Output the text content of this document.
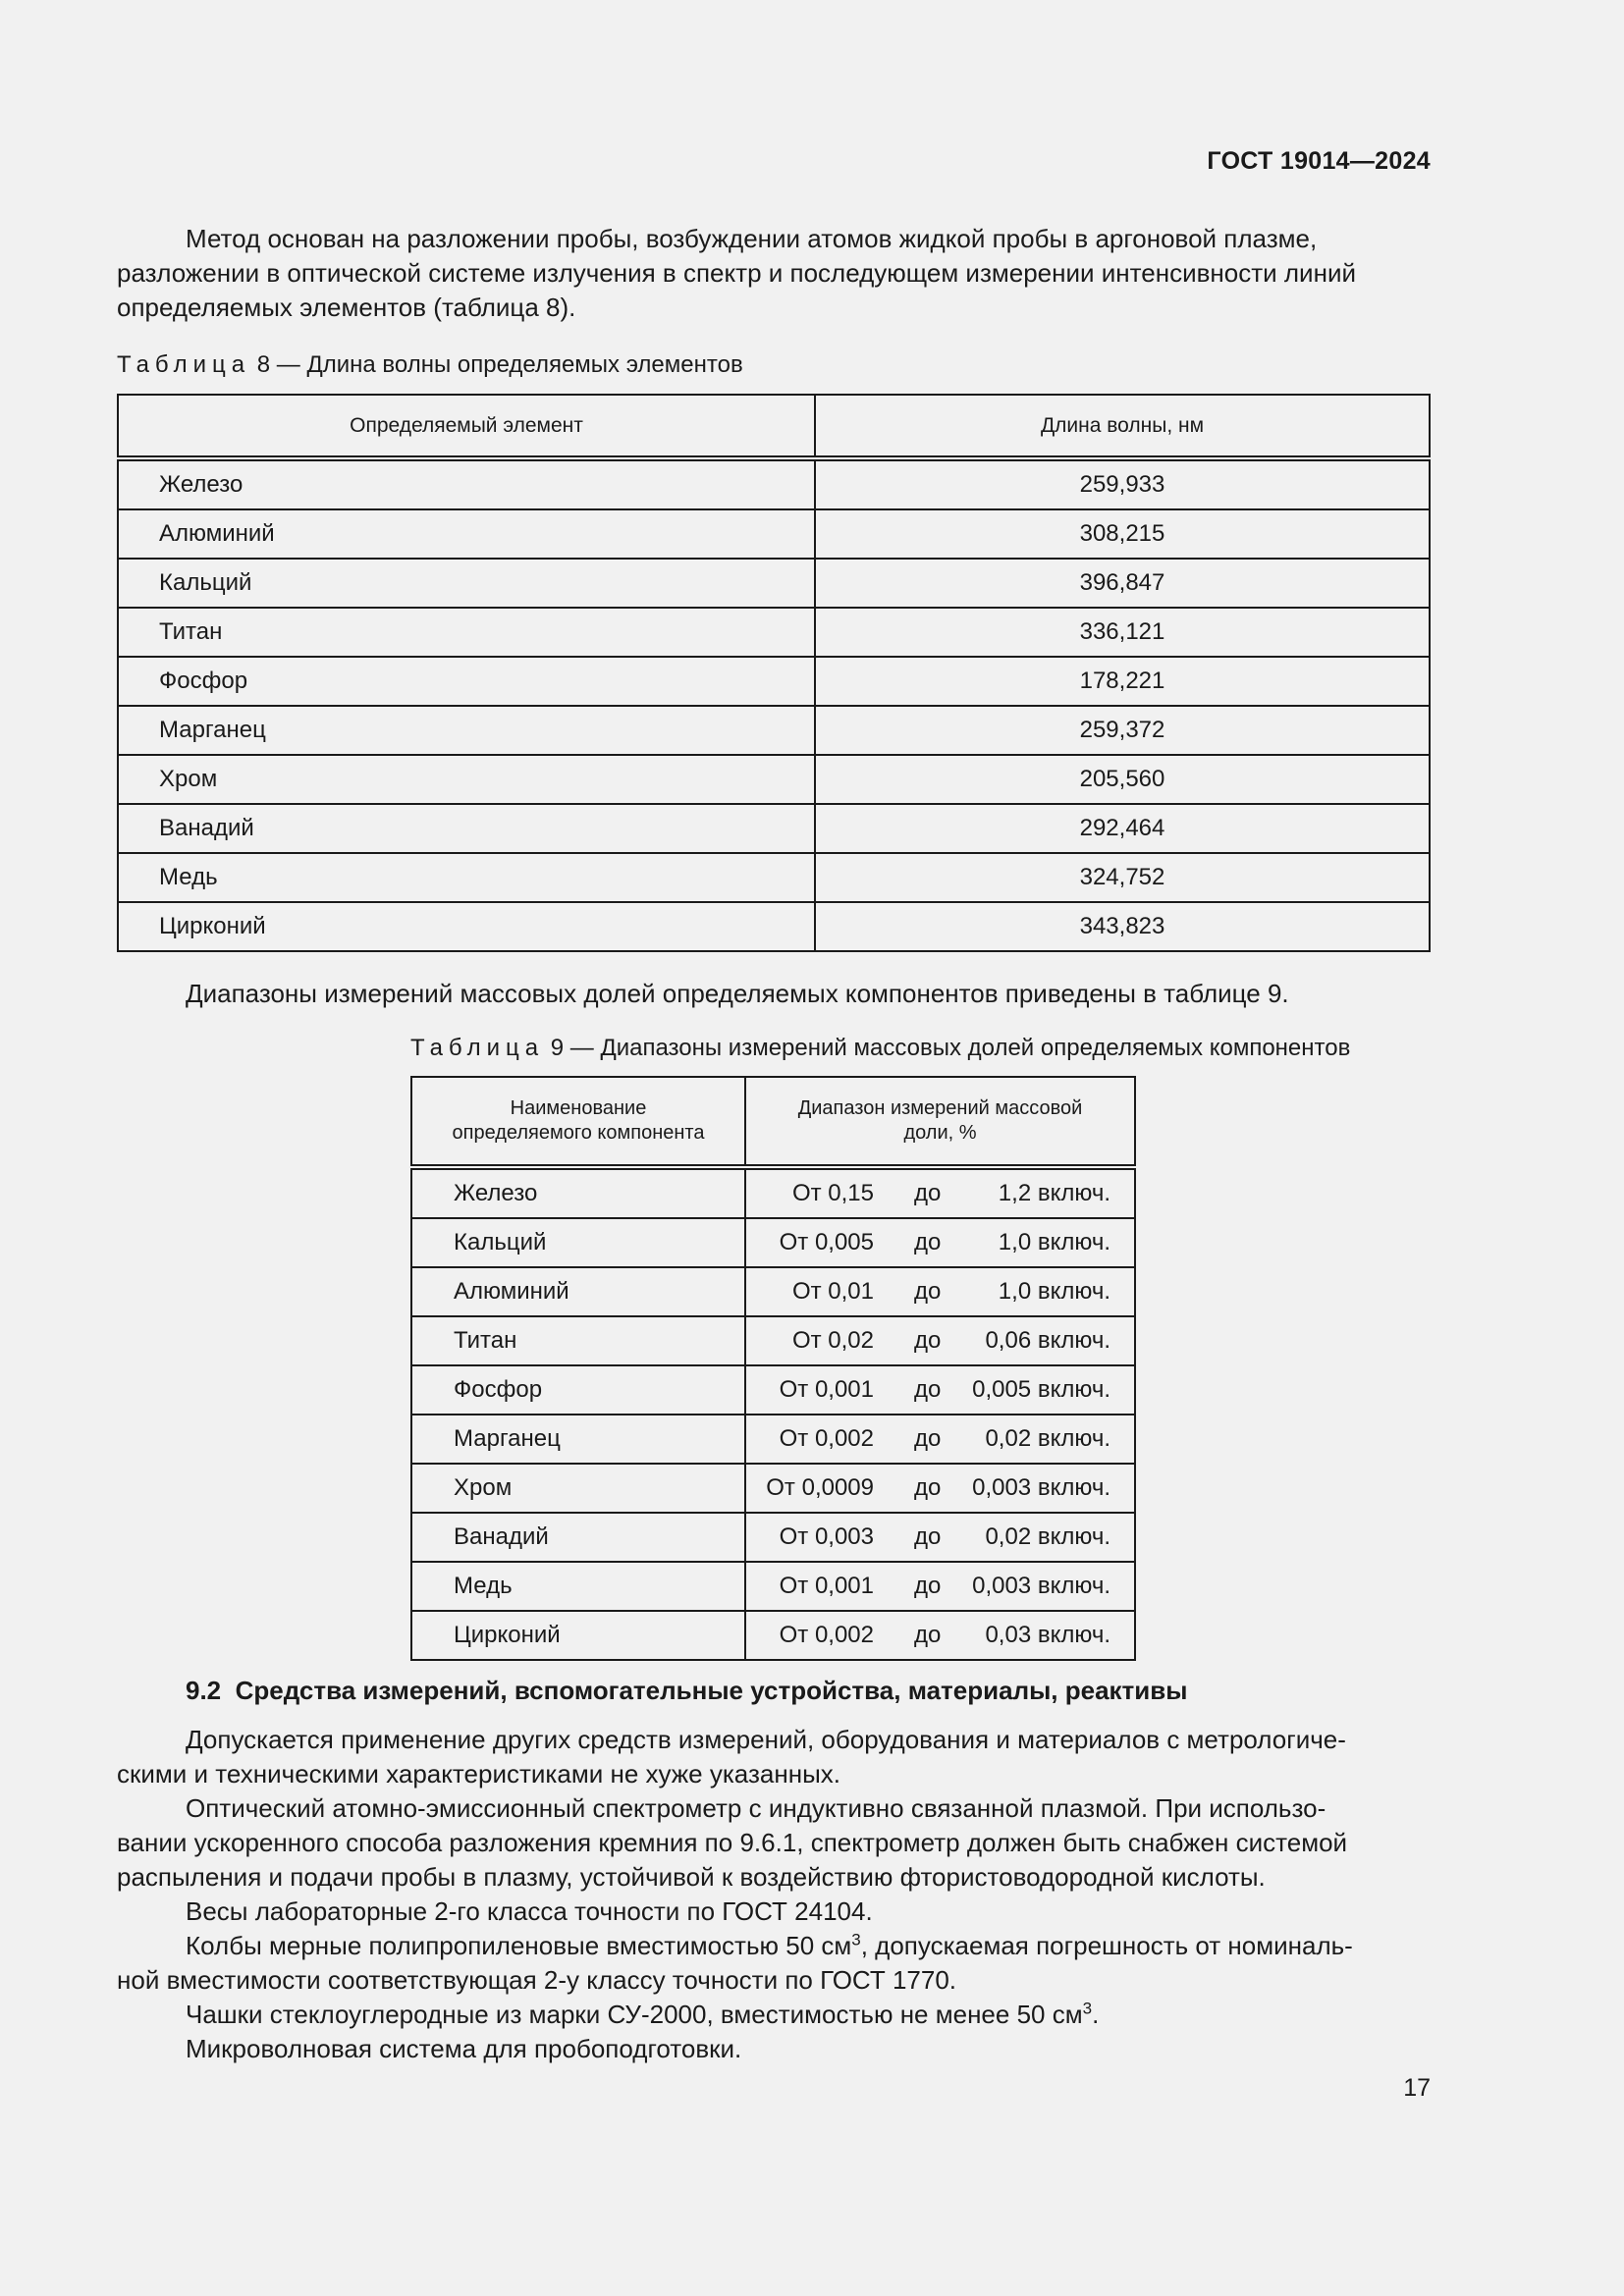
ГОСТ 19014—2024
Метод основан на разложении пробы, возбуждении атомов жидкой пробы в аргоновой плазме,
разложении в оптической системе излучения в спектр и последующем измерении интенсивности линий
определяемых элементов (таблица 8).
Таблица 8 — Длина волны определяемых элементов
Определяемый элемент	Длина волны, нм
Железо	259,933
Алюминий	308,215
Кальций	396,847
Титан	336,121
Фосфор	178,221
Марганец	259,372
Хром	205,560
Ванадий	292,464
Медь	324,752
Цирконий	343,823
Диапазоны измерений массовых долей определяемых компонентов приведены в таблице 9.
Таблица 9 — Диапазоны измерений массовых долей определяемых компонентов
Наименование
определяемого компонента	Диапазон измерений массовой
доли, %
Железо	От 0,15 до 1,2 включ.

Кальций	От 0,005 до 1,0 включ.

Алюминий	От 0,01 до 1,0 включ.

Титан	От 0,02 до 0,06 включ.

Фосфор	От 0,001 до 0,005 включ.

Марганец	От 0,002 до 0,02 включ.

Хром	От 0,0009 до 0,003 включ.

Ванадий	От 0,003 до 0,02 включ.

Медь	От 0,001 до 0,003 включ.

Цирконий	От 0,002 до 0,03 включ.
9.2 Средства измерений, вспомогательные устройства, материалы, реактивы
Допускается применение других средств измерений, оборудования и материалов с метрологиче-
скими и техническими характеристиками не хуже указанных.
Оптический атомно-эмиссионный спектрометр с индуктивно связанной плазмой. При использо-
вании ускоренного способа разложения кремния по 9.6.1, спектрометр должен быть снабжен системой
распыления и подачи пробы в плазму, устойчивой к воздействию фтористоводородной кислоты.
Весы лабораторные 2-го класса точности по ГОСТ 24104.
Колбы мерные полипропиленовые вместимостью 50 $см^3$, допускаемая погрешность от номиналь-
ной вместимости соответствующая 2-у классу точности по ГОСТ 1770.
Чашки стеклоуглеродные из марки СУ-2000, вместимостью не менее 50 $см^3$.
Микроволновая система для пробоподготовки.
17
